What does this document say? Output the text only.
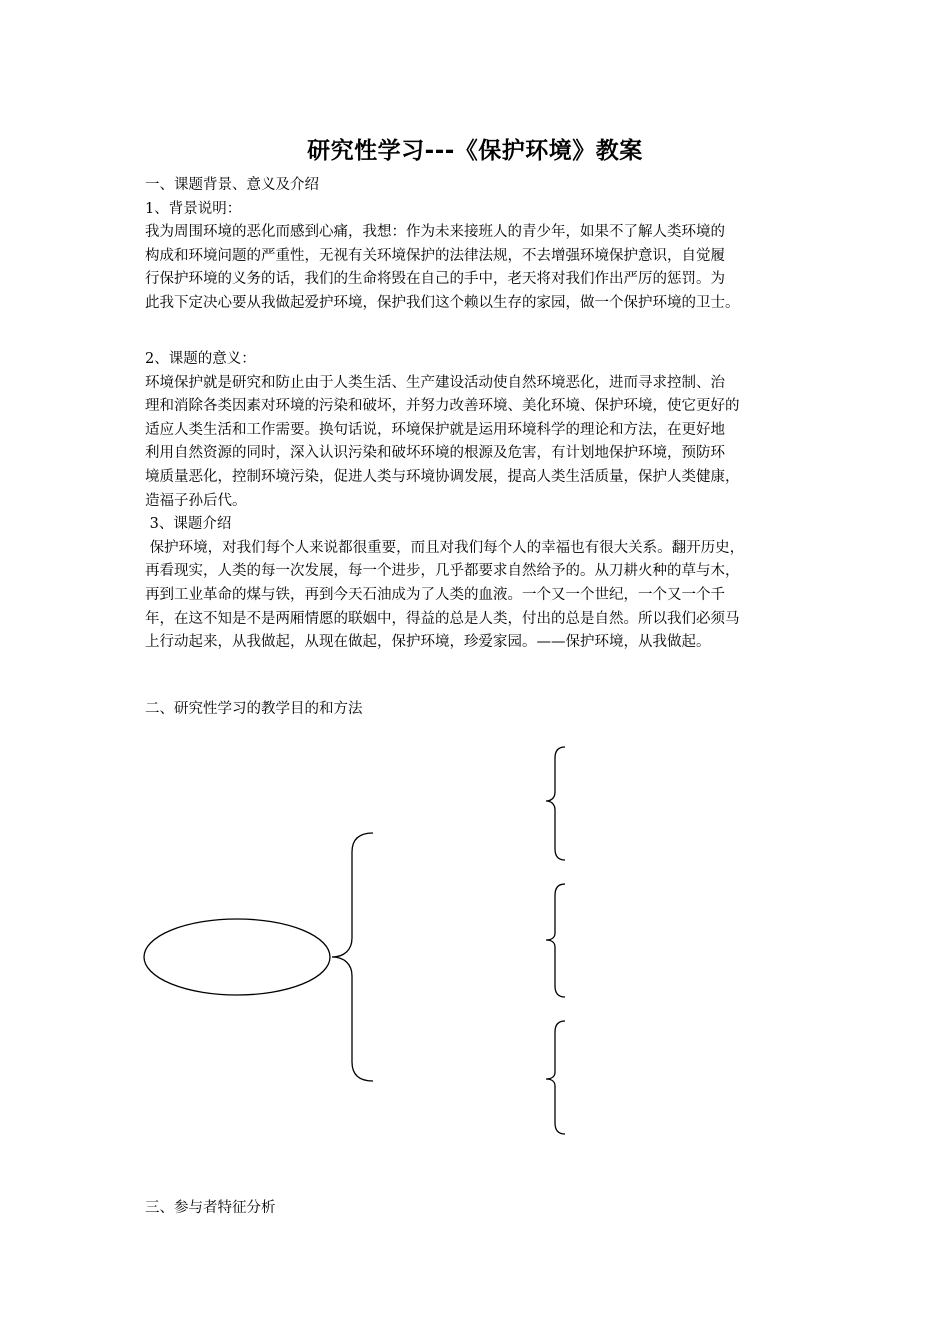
研究性学习---《保护环境》教案

一、课题背景、意义及介绍

1、背景说明：

我为周围环境的恶化而感到心痛，我想：作为未来接班人的青少年，如果不了解人类环境的

构成和环境问题的严重性，无视有关环境保护的法律法规，不去增强环境保护意识，自觉履

行保护环境的义务的话，我们的生命将毁在自己的手中，老天将对我们作出严厉的惩罚。为

此我下定决心要从我做起爱护环境，保护我们这个赖以生存的家园，做一个保护环境的卫士。

2、课题的意义：

环境保护就是研究和防止由于人类生活、生产建设活动使自然环境恶化，进而寻求控制、治

理和消除各类因素对环境的污染和破坏，并努力改善环境、美化环境、保护环境，使它更好的

适应人类生活和工作需要。换句话说，环境保护就是运用环境科学的理论和方法，在更好地

利用自然资源的同时，深入认识污染和破坏环境的根源及危害，有计划地保护环境，预防环

境质量恶化，控制环境污染，促进人类与环境协调发展，提高人类生活质量，保护人类健康，

造福子孙后代。

3、课题介绍

保护环境，对我们每个人来说都很重要，而且对我们每个人的幸福也有很大关系。翻开历史，

再看现实，人类的每一次发展，每一个进步，几乎都要求自然给予的。从刀耕火种的草与木，

再到工业革命的煤与铁，再到今天石油成为了人类的血液。一个又一个世纪，一个又一个千

年，在这不知是不是两厢情愿的联姻中，得益的总是人类，付出的总是自然。所以我们必须马

上行动起来，从我做起，从现在做起，保护环境，珍爱家园。——保护环境，从我做起。

二、研究性学习的教学目的和方法
三、参与者特征分析
